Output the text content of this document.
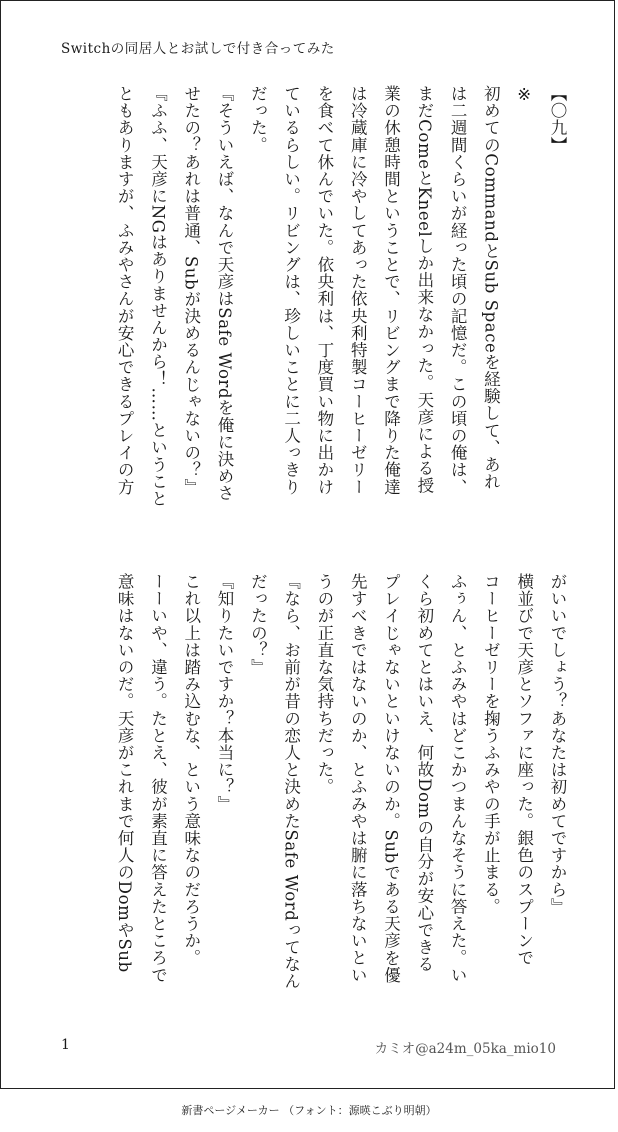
Switchの同居人とお試しで付き合ってみた
【〇九】
※
初めてのCommandとSub Spaceを経験して、あれ
は二週間くらいが経った頃の記憶だ。この頃の俺は、
まだComeとKneelしか出来なかった。天彦による授
業の休憩時間ということで、リビングまで降りた俺達
は冷蔵庫に冷やしてあった依央利特製コーヒーゼリー
を食べて休んでいた。依央利は、丁度買い物に出かけ
ているらしい。リビングは、珍しいことに二人っきり
だった。
『そういえば、なんで天彦はSafe Wordを俺に決めさ
せたの？あれは普通、Subが決めるんじゃないの？』
『ふふ、天彦にNGはありませんから！……ということ
ともありますが、ふみやさんが安心できるプレイの方
がいいでしょう？あなたは初めてですから』
横並びで天彦とソファに座った。銀色のスプーンで
コーヒーゼリーを掬うふみやの手が止まる。
ふぅん、とふみやはどこかつまんなそうに答えた。い
くら初めてとはいえ、何故Domの自分が安心できる
プレイじゃないといけないのか。Subである天彦を優
先すべきではないのか、とふみやは腑に落ちないとい
うのが正直な気持ちだった。
『なら、お前が昔の恋人と決めたSafe Wordってなん
だったの？』
『知りたいですか？本当に？』
これ以上は踏み込むな、という意味なのだろうか。
ーーいや、違う。たとえ、彼が素直に答えたところで
意味はないのだ。天彦がこれまで何人のDomやSub
1	カミオ@a24m_05ka_mio10
新書ページメーカー （フォント：源暎こぶり明朝）
